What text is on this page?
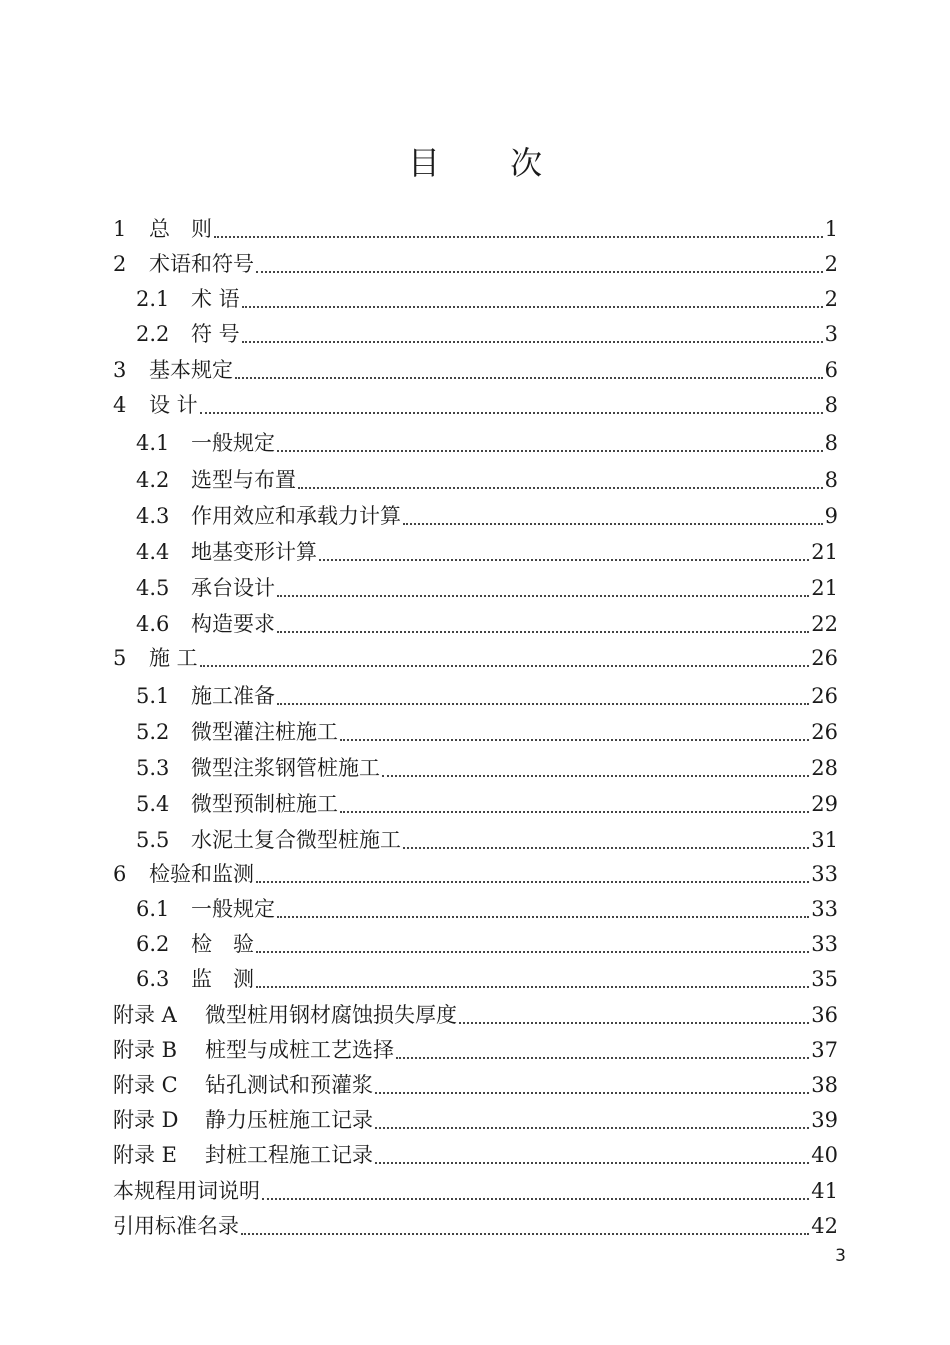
目 次
1	总　则	1
2	术语和符号	2
2.1	术 语	2
2.2	符 号	3
3	基本规定	6
4	设 计	8
4.1	一般规定	8
4.2	选型与布置	8
4.3	作用效应和承载力计算	9
4.4	地基变形计算	21
4.5	承台设计	21
4.6	构造要求	22
5	施 工	26
5.1	施工准备	26
5.2	微型灌注桩施工	26
5.3	微型注浆钢管桩施工	28
5.4	微型预制桩施工	29
5.5	水泥土复合微型桩施工	31
6	检验和监测	33
6.1	一般规定	33
6.2	检　验	33
6.3	监　测	35
附录 A	微型桩用钢材腐蚀损失厚度	36
附录 B	桩型与成桩工艺选择	37
附录 C	钻孔测试和预灌浆	38
附录 D	静力压桩施工记录	39
附录 E	封桩工程施工记录	40
本规程用词说明	41
引用标准名录	42
3
